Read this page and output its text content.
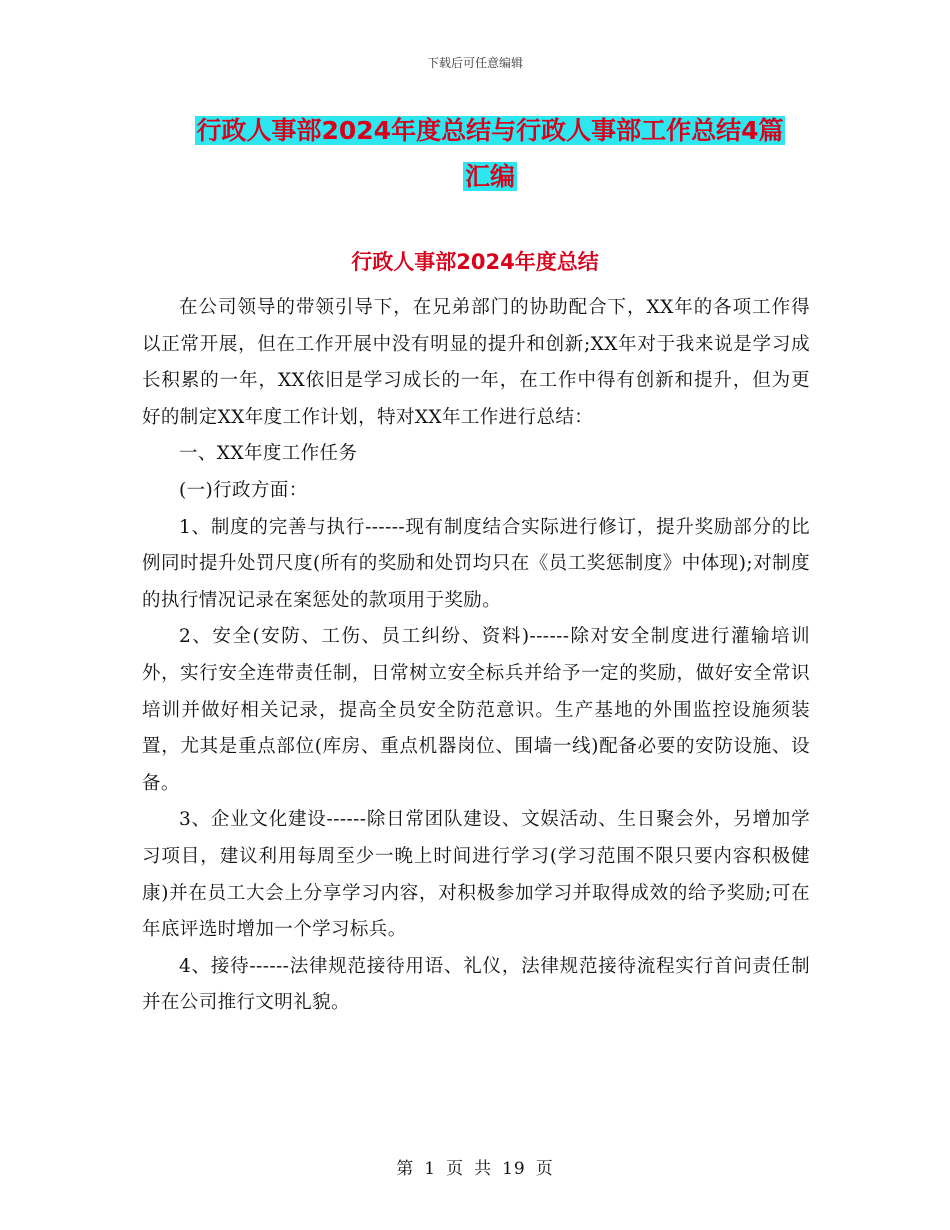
下载后可任意编辑
行政人事部2024年度总结与行政人事部工作总结4篇
汇编
行政人事部2024年度总结

在公司领导的带领引导下，在兄弟部门的协助配合下，XX年的各项工作得以正常开展，但在工作开展中没有明显的提升和创新;XX年对于我来说是学习成长积累的一年，XX依旧是学习成长的一年，在工作中得有创新和提升，但为更好的制定XX年度工作计划，特对XX年工作进行总结：

一、XX年度工作任务

(一)行政方面：

1、制度的完善与执行------现有制度结合实际进行修订，提升奖励部分的比例同时提升处罚尺度(所有的奖励和处罚均只在《员工奖惩制度》中体现);对制度的执行情况记录在案惩处的款项用于奖励。

2、安全(安防、工伤、员工纠纷、资料)------除对安全制度进行灌输培训外，实行安全连带责任制，日常树立安全标兵并给予一定的奖励，做好安全常识培训并做好相关记录，提高全员安全防范意识。生产基地的外围监控设施须装置，尤其是重点部位(库房、重点机器岗位、围墙一线)配备必要的安防设施、设备。

3、企业文化建设------除日常团队建设、文娱活动、生日聚会外，另增加学习项目，建议利用每周至少一晚上时间进行学习(学习范围不限只要内容积极健康)并在员工大会上分享学习内容，对积极参加学习并取得成效的给予奖励;可在年底评选时增加一个学习标兵。

4、接待------法律规范接待用语、礼仪，法律规范接待流程实行首问责任制并在公司推行文明礼貌。

第 1 页 共 19 页
